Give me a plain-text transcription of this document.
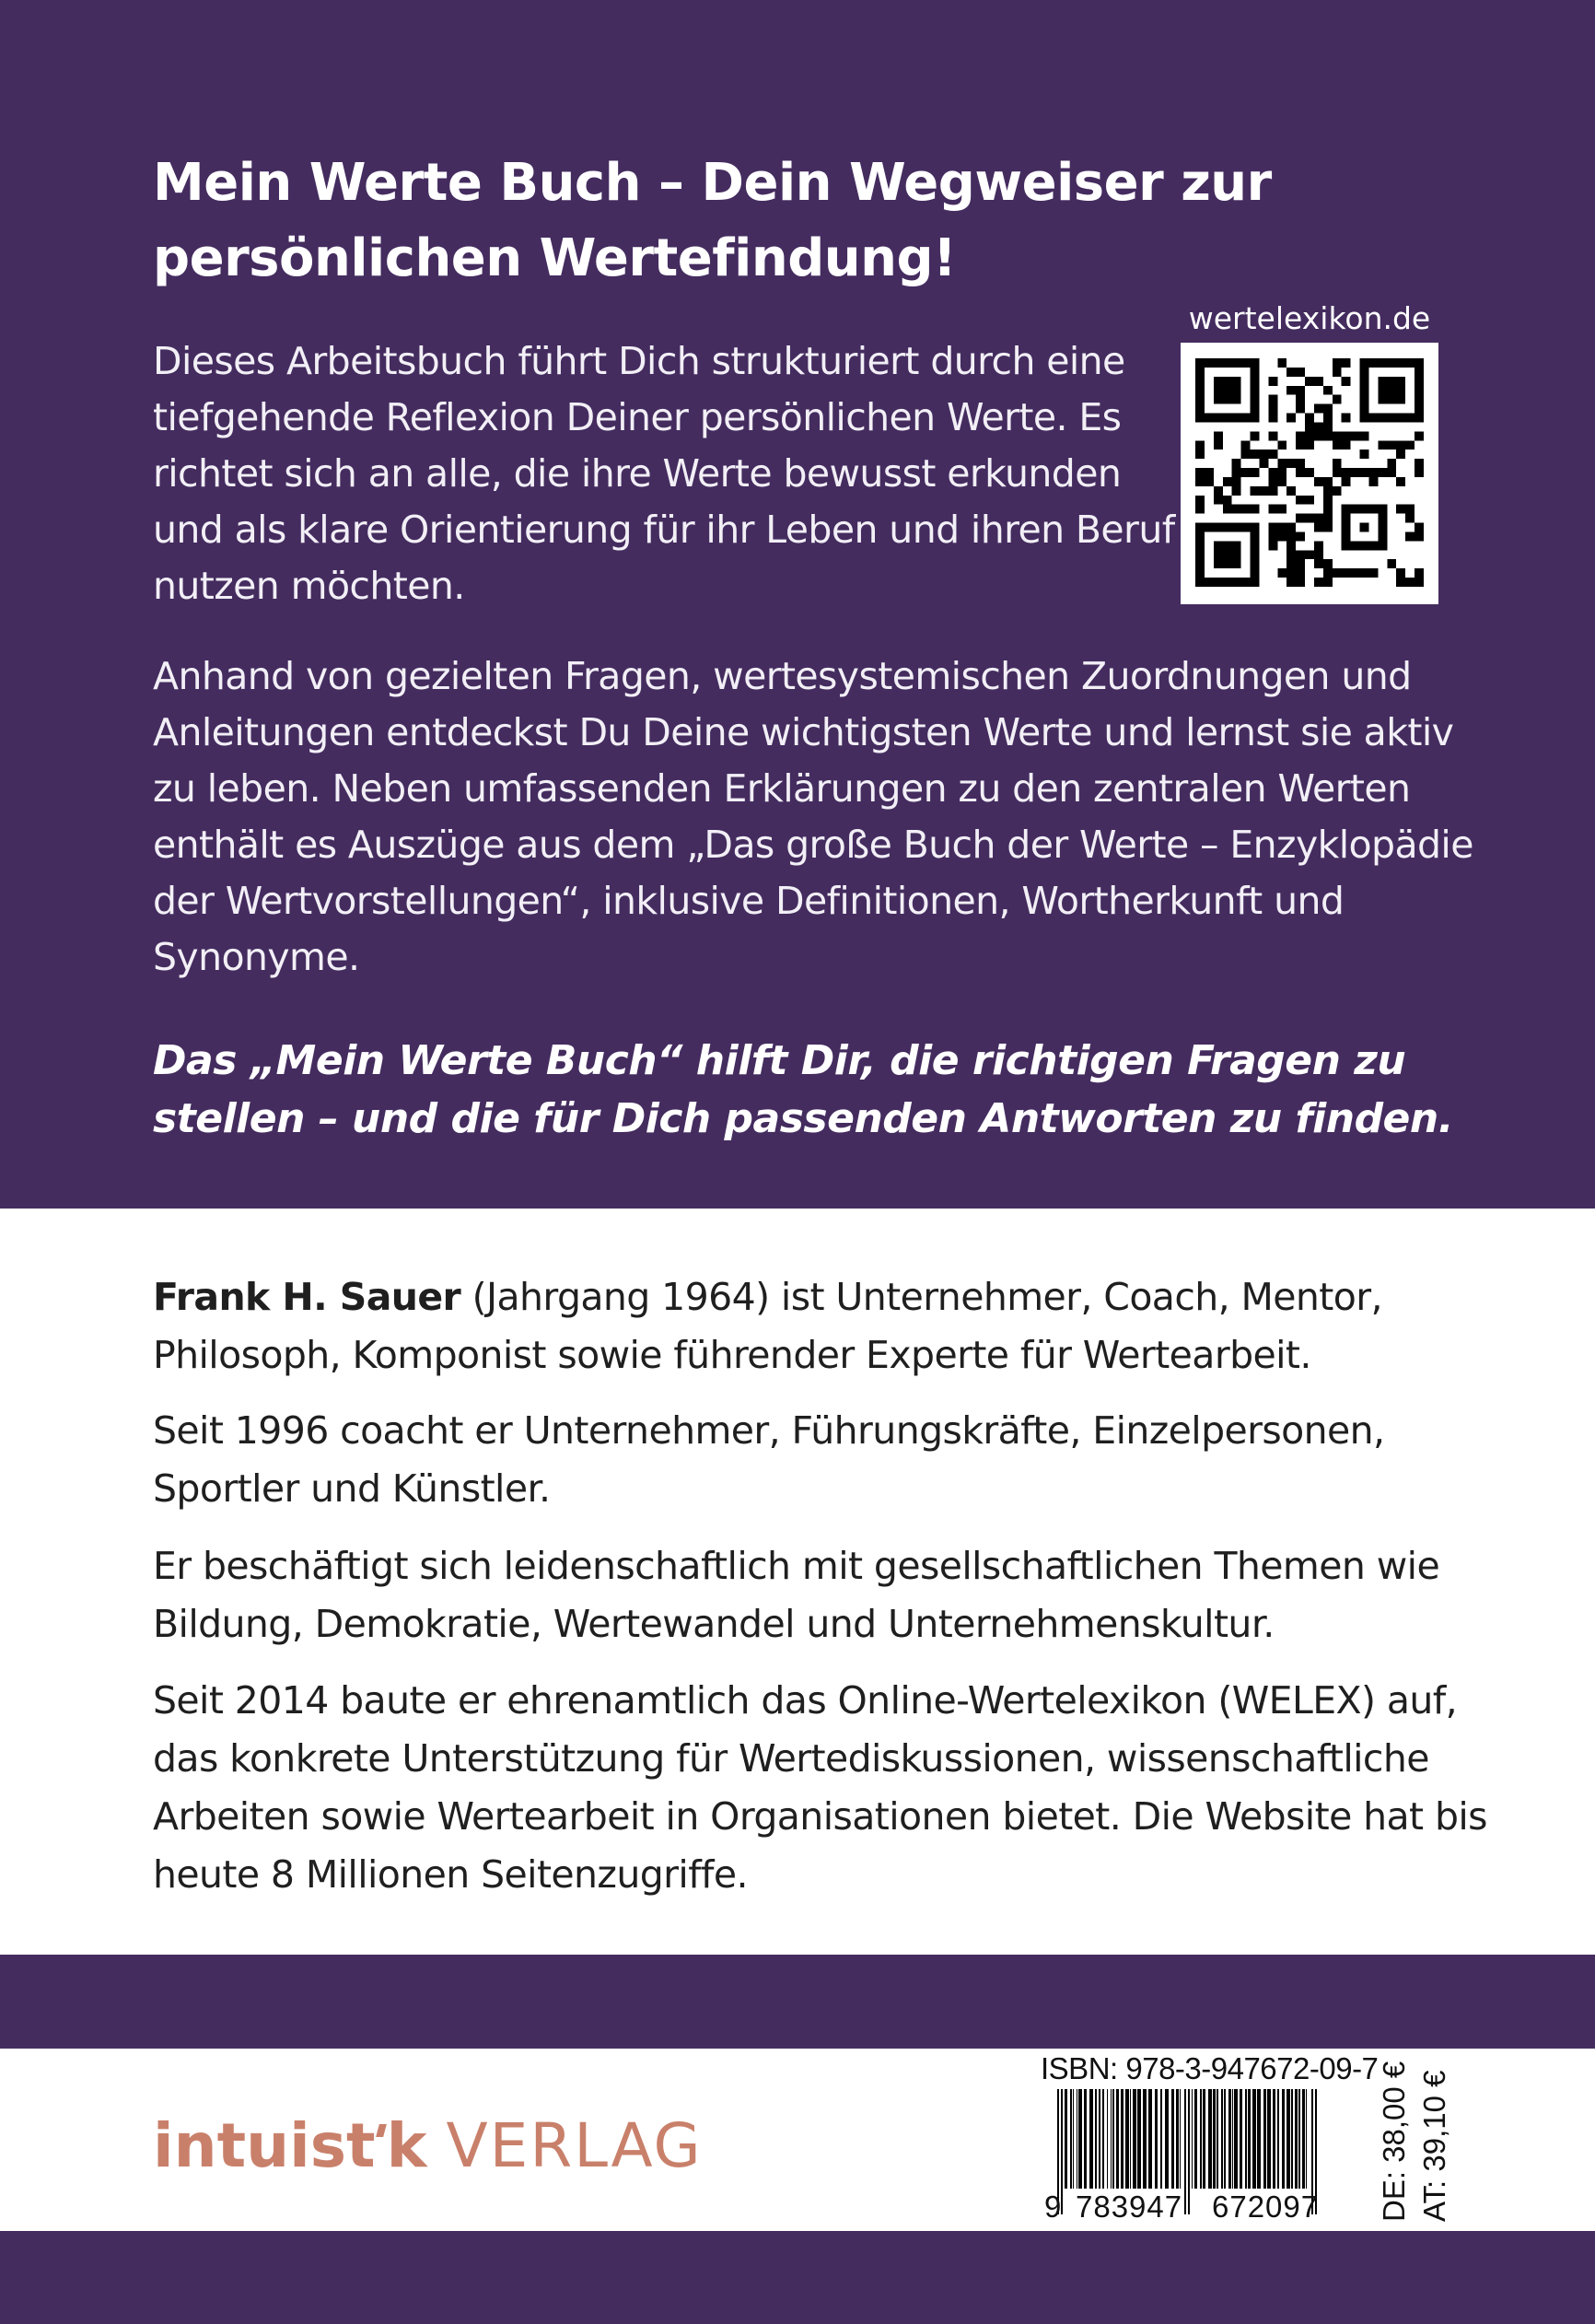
Mein Werte Buch – Dein Wegweiser zur
persönlichen Wertefindung!
wertelexikon.de

Dieses Arbeitsbuch führt Dich strukturiert durch eine tiefgehende Reflexion Deiner persönlichen Werte. Es richtet sich an alle, die ihre Werte bewusst erkunden und als klare Orientierung für ihr Leben und ihren Beruf nutzen möchten.

Anhand von gezielten Fragen, wertesystemischen Zuordnungen und Anleitungen entdeckst Du Deine wichtigsten Werte und lernst sie aktiv zu leben. Neben umfassenden Erklärungen zu den zentralen Werten enthält es Auszüge aus dem „Das große Buch der Werte – Enzyklopädie der Wertvorstellungen“, inklusive Definitionen, Wortherkunft und Synonyme.

Das „Mein Werte Buch“ hilft Dir, die richtigen Fragen zu stellen – und die für Dich passenden Antworten zu finden.

Frank H. Sauer (Jahrgang 1964) ist Unternehmer, Coach, Mentor, Philosoph, Komponist sowie führender Experte für Wertearbeit.

Seit 1996 coacht er Unternehmer, Führungskräfte, Einzelpersonen, Sportler und Künstler.

Er beschäftigt sich leidenschaftlich mit gesellschaftlichen Themen wie Bildung, Demokratie, Wertewandel und Unternehmenskultur.

Seit 2014 baute er ehrenamtlich das Online-Wertelexikon (WELEX) auf, das konkrete Unterstützung für Wertediskussionen, wissenschaftliche Arbeiten sowie Wertearbeit in Organisationen bietet. Die Website hat bis heute 8 Millionen Seitenzugriffe.

intuist k VERLAG
ISBN: 978-3-947672-09-7
9 783947 672097 DE: 38,00 € AT: 39,10 €
